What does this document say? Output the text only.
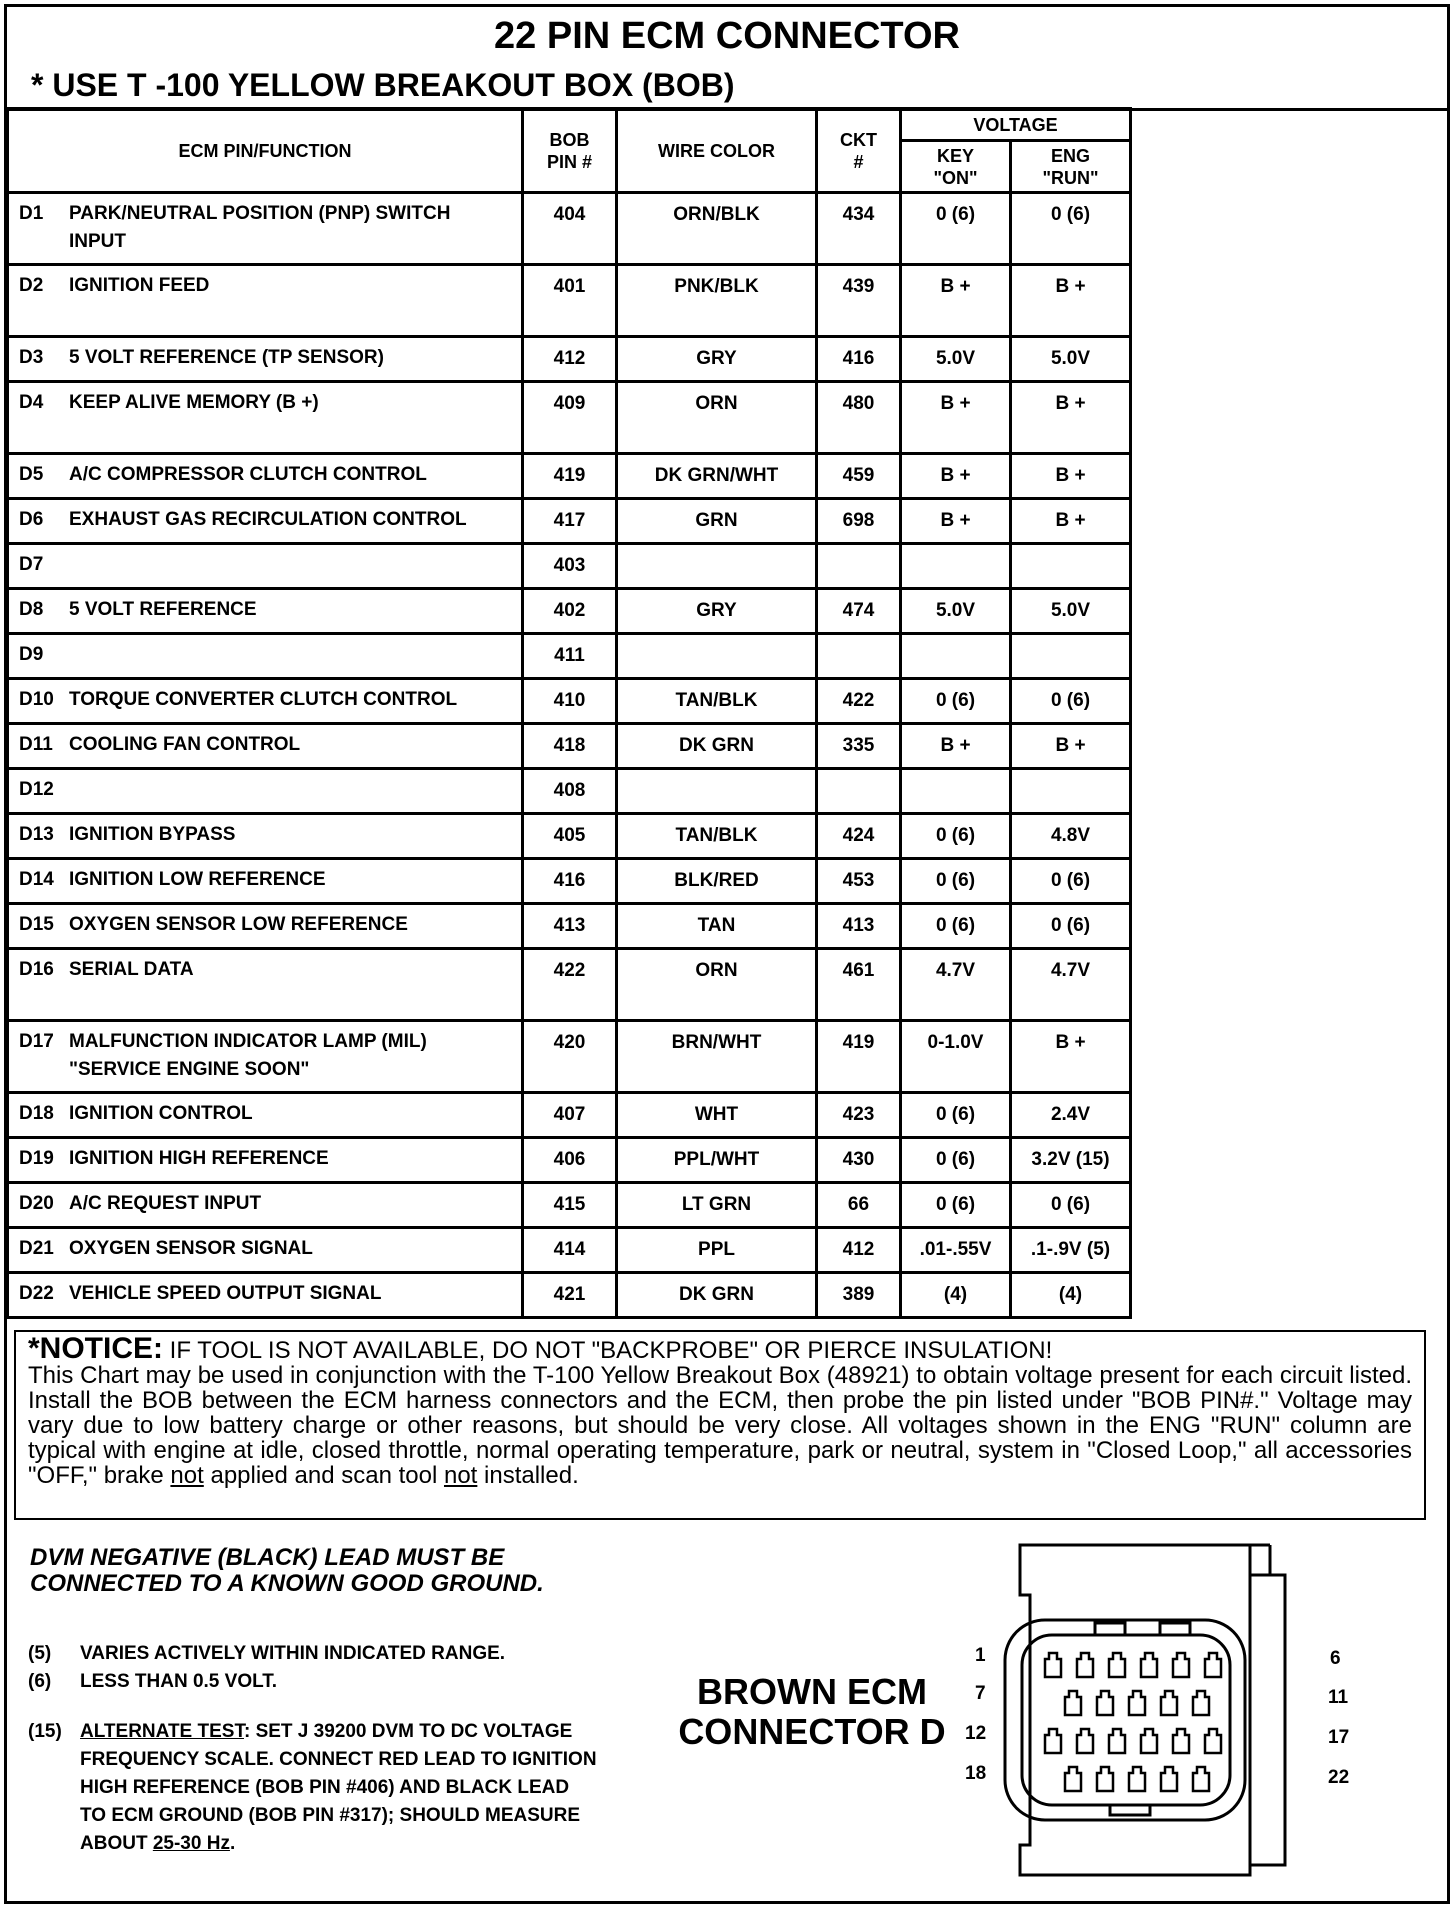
22 PIN ECM CONNECTOR
* USE T -100 YELLOW BREAKOUT BOX (BOB)
ECM PIN/FUNCTION	BOB PIN #	WIRE COLOR	CKT #	VOLTAGE	
				KEY "ON"	ENG "RUN"
D1 PARK/NEUTRAL POSITION (PNP) SWITCH
INPUT	404	ORN/BLK	434	0 (6)	0 (6)
D2 IGNITION FEED	401	PNK/BLK	439	B +	B +
D3 5 VOLT REFERENCE (TP SENSOR)	412	GRY	416	5.0V	5.0V
D4 KEEP ALIVE MEMORY (B +)	409	ORN	480	B +	B +
D5 A/C COMPRESSOR CLUTCH CONTROL	419	DK GRN/WHT	459	B +	B +
D6 EXHAUST GAS RECIRCULATION CONTROL	417	GRN	698	B +	B +
D7	403				
D8 5 VOLT REFERENCE	402	GRY	474	5.0V	5.0V
D9	411				
D10 TORQUE CONVERTER CLUTCH CONTROL	410	TAN/BLK	422	0 (6)	0 (6)
D11 COOLING FAN CONTROL	418	DK GRN	335	B +	B +
D12	408				
D13 IGNITION BYPASS	405	TAN/BLK	424	0 (6)	4.8V
D14 IGNITION LOW REFERENCE	416	BLK/RED	453	0 (6)	0 (6)
D15 OXYGEN SENSOR LOW REFERENCE	413	TAN	413	0 (6)	0 (6)
D16 SERIAL DATA	422	ORN	461	4.7V	4.7V
D17 MALFUNCTION INDICATOR LAMP (MIL)
"SERVICE ENGINE SOON"	420	BRN/WHT	419	0-1.0V	B +
D18 IGNITION CONTROL	407	WHT	423	0 (6)	2.4V
D19 IGNITION HIGH REFERENCE	406	PPL/WHT	430	0 (6)	3.2V (15)
D20 A/C REQUEST INPUT	415	LT GRN	66	0 (6)	0 (6)
D21 OXYGEN SENSOR SIGNAL	414	PPL	412	.01-.55V	.1-.9V (5)
D22 VEHICLE SPEED OUTPUT SIGNAL	421	DK GRN	389	(4)	(4)
*NOTICE: IF TOOL IS NOT AVAILABLE, DO NOT "BACKPROBE" OR PIERCE INSULATION!
This Chart may be used in conjunction with the T-100 Yellow Breakout Box (48921) to obtain voltage present for each circuit listed. Install the BOB between the ECM harness connectors and the ECM, then probe the pin listed under "BOB PIN#." Voltage may vary due to low battery charge or other reasons, but should be very close. All voltages shown in the ENG "RUN" column are typical with engine at idle, closed throttle, normal operating temperature, park or neutral, system in "Closed Loop," all accessories "OFF," brake not applied and scan tool not installed.
DVM NEGATIVE (BLACK) LEAD MUST BE
CONNECTED TO A KNOWN GOOD GROUND.
(5)	VARIES ACTIVELY WITHIN INDICATED RANGE.
(6)	LESS THAN 0.5 VOLT.
(15) ALTERNATE TEST: SET J 39200 DVM TO DC VOLTAGE
FREQUENCY SCALE. CONNECT RED LEAD TO IGNITION
HIGH REFERENCE (BOB PIN #406) AND BLACK LEAD
TO ECM GROUND (BOB PIN #317); SHOULD MEASURE
ABOUT 25-30 Hz.
BROWN ECM
CONNECTOR D
1	6
7	11
12	17
18	22
